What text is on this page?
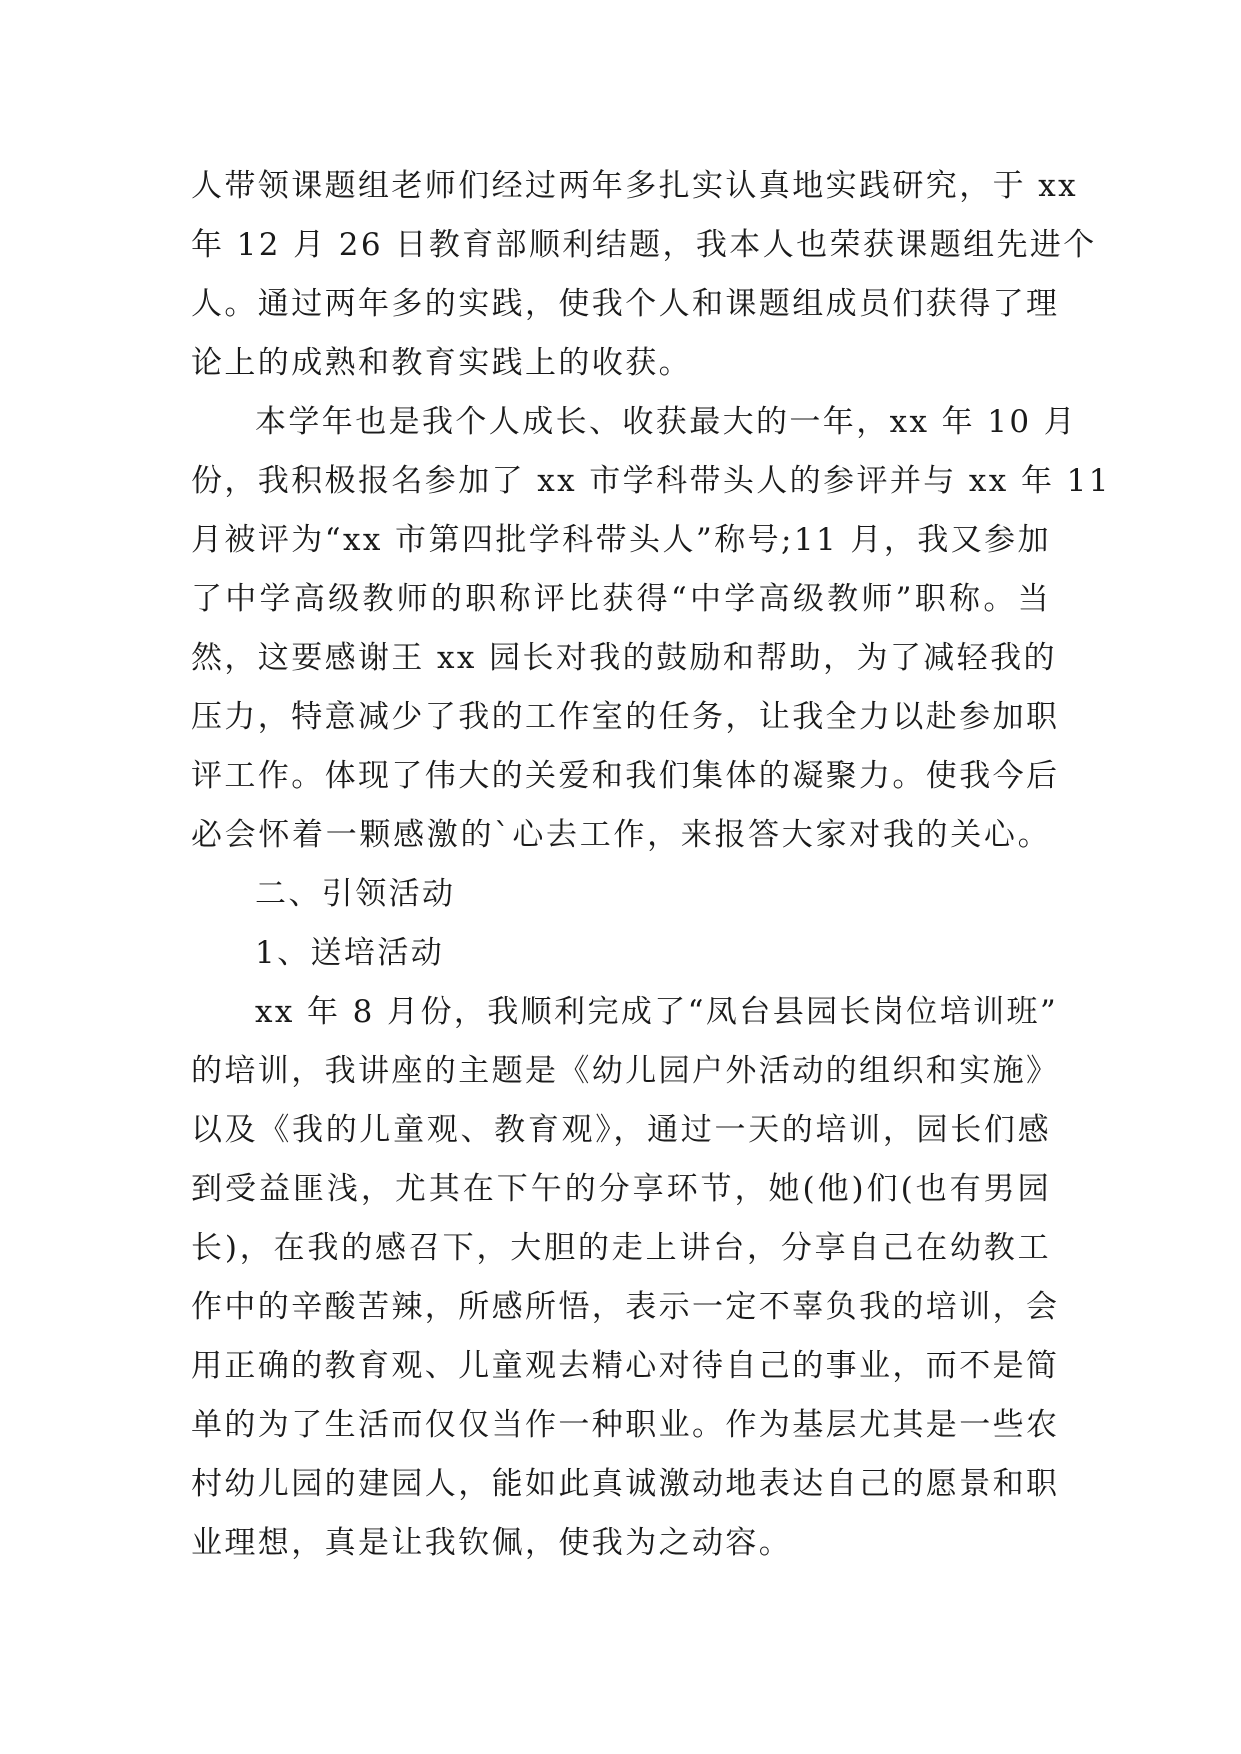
人带领课题组老师们经过两年多扎实认真地实践研究，于 xx
年 12 月 26 日教育部顺利结题，我本人也荣获课题组先进个
人。通过两年多的实践，使我个人和课题组成员们获得了理
论上的成熟和教育实践上的收获。
本学年也是我个人成长、收获最大的一年，xx 年 10 月
份，我积极报名参加了 xx 市学科带头人的参评并与 xx 年 11
月被评为“xx 市第四批学科带头人”称号;11 月，我又参加
了中学高级教师的职称评比获得“中学高级教师”职称。当
然，这要感谢王 xx 园长对我的鼓励和帮助，为了减轻我的
压力，特意减少了我的工作室的任务，让我全力以赴参加职
评工作。体现了伟大的关爱和我们集体的凝聚力。使我今后
必会怀着一颗感激的`心去工作，来报答大家对我的关心。
二、引领活动
1、送培活动
xx 年 8 月份，我顺利完成了“凤台县园长岗位培训班”
的培训，我讲座的主题是《幼儿园户外活动的组织和实施》
以及《我的儿童观、教育观》，通过一天的培训，园长们感
到受益匪浅，尤其在下午的分享环节，她(他)们(也有男园
长)，在我的感召下，大胆的走上讲台，分享自己在幼教工
作中的辛酸苦辣，所感所悟，表示一定不辜负我的培训，会
用正确的教育观、儿童观去精心对待自己的事业，而不是简
单的为了生活而仅仅当作一种职业。作为基层尤其是一些农
村幼儿园的建园人，能如此真诚激动地表达自己的愿景和职
业理想，真是让我钦佩，使我为之动容。
